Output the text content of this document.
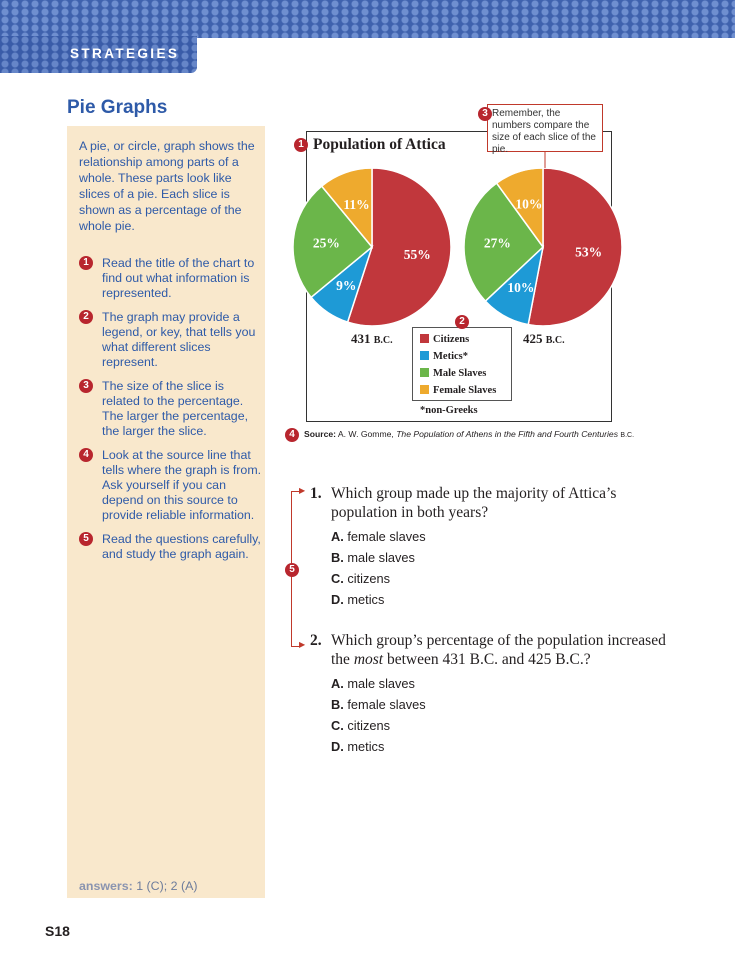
STRATEGIES
Pie Graphs
A pie, or circle, graph shows the relationship among parts of a whole. These parts look like slices of a pie. Each slice is shown as a percentage of the whole pie.
1	Read the title of the chart to find out what information is represented.
2	The graph may provide a legend, or key, that tells you what different slices represent.
3	The size of the slice is related to the percentage. The larger the percentage, the larger the slice.
4	Look at the source line that tells where the graph is from. Ask yourself if you can depend on this source to provide reliable information.
5	Read the questions carefully, and study the graph again.
answers: 1 (C); 2 (A)
S18
Population of Attica
1
Remember, the numbers compare the size of each slice of the pie.
3
55%
9%
25%
11%
53%
10%
27%
10%
431 B.C.	425 B.C.
Citizens
Metics*
Male Slaves
Female Slaves
2
*non-Greeks
4	Source: A. W. Gomme, The Population of Athens in the Fifth and Fourth Centuries B.C.
▶
▶
5
1. Which group made up the majority of Attica’s population in both years?
A. female slaves
B. male slaves
C. citizens
D. metics
2. Which group’s percentage of the population increased the most between 431 B.C. and 425 B.C.?
A. male slaves
B. female slaves
C. citizens
D. metics
